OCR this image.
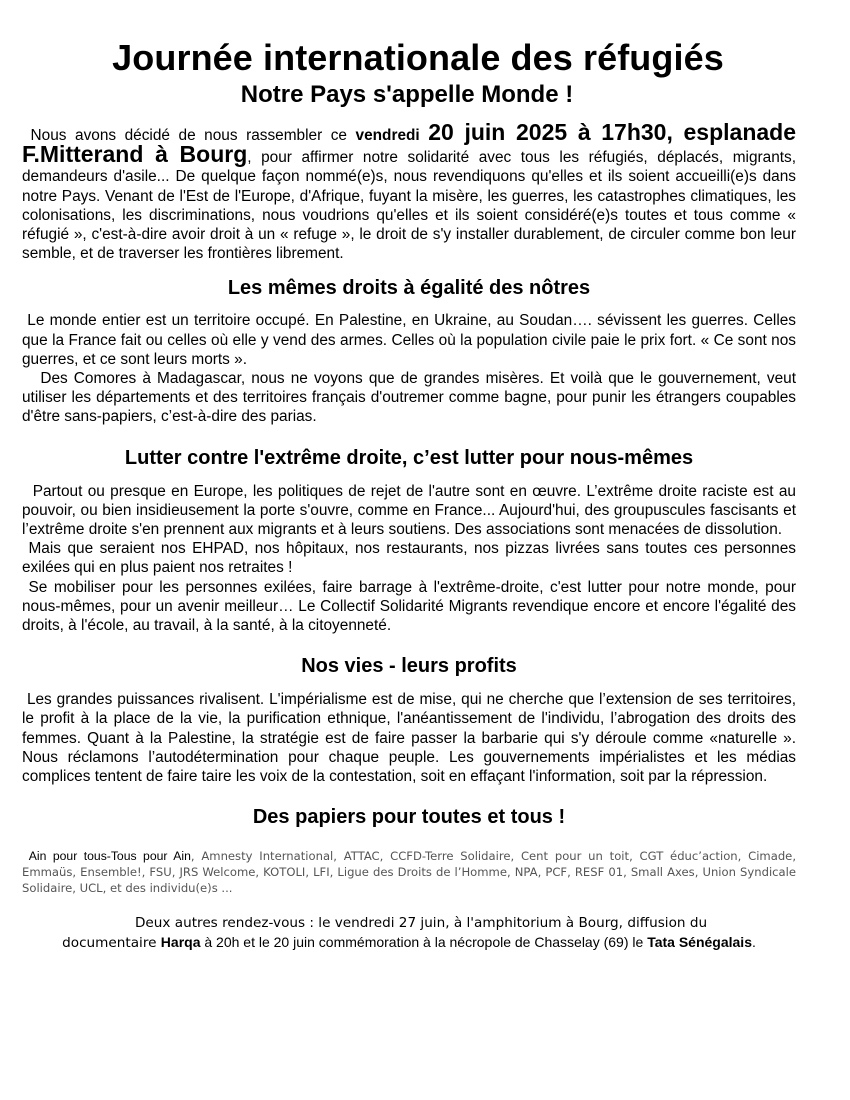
Journée internationale des réfugiés
Notre Pays s'appelle Monde !

Nous avons décidé de nous rassembler ce vendredi 20 juin 2025 à 17h30, esplanade F.Mitterand à Bourg, pour affirmer notre solidarité avec tous les réfugiés, déplacés, migrants, demandeurs d'asile... De quelque façon nommé(e)s, nous revendiquons qu'elles et ils soient accueilli(e)s dans notre Pays. Venant de l'Est de l'Europe, d'Afrique, fuyant la misère, les guerres, les catastrophes climatiques, les colonisations, les discriminations, nous voudrions qu'elles et ils soient considéré(e)s toutes et tous comme « réfugié », c'est-à-dire avoir droit à un « refuge », le droit de s'y installer durablement, de circuler comme bon leur semble, et de traverser les frontières librement.

Les mêmes droits à égalité des nôtres

Le monde entier est un territoire occupé. En Palestine, en Ukraine, au Soudan…. sévissent les guerres. Celles que la France fait ou celles où elle y vend des armes. Celles où la population civile paie le prix fort. « Ce sont nos guerres, et ce sont leurs morts ».
Des Comores à Madagascar, nous ne voyons que de grandes misères. Et voilà que le gouvernement, veut utiliser les départements et des territoires français d'outremer comme bagne, pour punir les étrangers coupables d'être sans-papiers, c’est-à-dire des parias.

Lutter contre l'extrême droite, c’est lutter pour nous-mêmes

Partout ou presque en Europe, les politiques de rejet de l'autre sont en œuvre. L’extrême droite raciste est au pouvoir, ou bien insidieusement la porte s'ouvre, comme en France... Aujourd'hui, des groupuscules fascisants et l’extrême droite s'en prennent aux migrants et à leurs soutiens. Des associations sont menacées de dissolution.
Mais que seraient nos EHPAD, nos hôpitaux, nos restaurants, nos pizzas livrées sans toutes ces personnes exilées qui en plus paient nos retraites !
Se mobiliser pour les personnes exilées, faire barrage à l'extrême-droite, c'est lutter pour notre monde, pour nous-mêmes, pour un avenir meilleur… Le Collectif Solidarité Migrants revendique encore et encore l'égalité des droits, à l'école, au travail, à la santé, à la citoyenneté.

Nos vies - leurs profits

Les grandes puissances rivalisent. L'impérialisme est de mise, qui ne cherche que l’extension de ses territoires, le profit à la place de la vie, la purification ethnique, l'anéantissement de l'individu, l’abrogation des droits des femmes. Quant à la Palestine, la stratégie est de faire passer la barbarie qui s'y déroule comme «naturelle ». Nous réclamons l’autodétermination pour chaque peuple. Les gouvernements impérialistes et les médias complices tentent de faire taire les voix de la contestation, soit en effaçant l'information, soit par la répression.

Des papiers pour toutes et tous !

Ain pour tous-Tous pour Ain, Amnesty International, ATTAC, CCFD-Terre Solidaire, Cent pour un toit, CGT éduc’action, Cimade, Emmaüs, Ensemble!, FSU, JRS Welcome, KOTOLI, LFI, Ligue des Droits de l’Homme, NPA, PCF, RESF 01, Small Axes, Union Syndicale Solidaire, UCL, et des individu(e)s ...

Deux autres rendez-vous : le vendredi 27 juin, à l'amphitorium à Bourg, diffusion du
documentaire Harqa à 20h et le 20 juin commémoration à la nécropole de Chasselay (69) le Tata Sénégalais.
